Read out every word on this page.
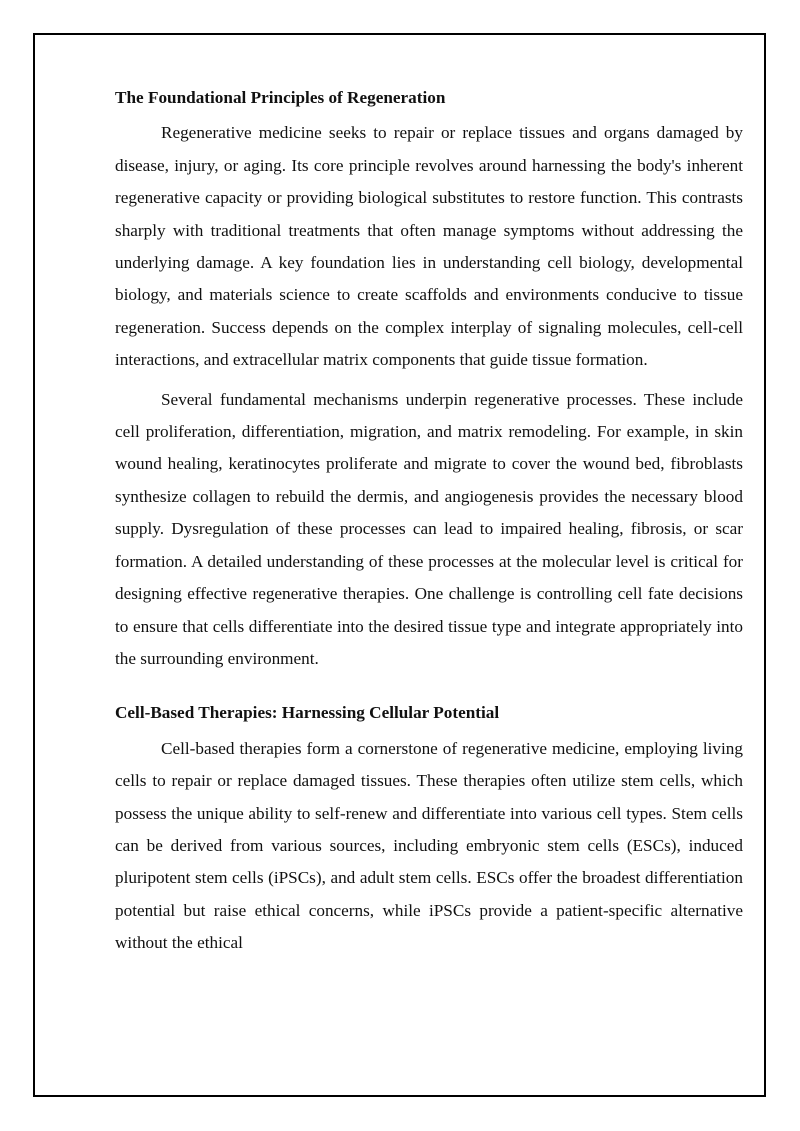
The Foundational Principles of Regeneration

Regenerative medicine seeks to repair or replace tissues and organs damaged by disease, injury, or aging. Its core principle revolves around harnessing the body's inherent regenerative capacity or providing biological substitutes to restore function. This contrasts sharply with traditional treatments that often manage symptoms without addressing the underlying damage. A key foundation lies in understanding cell biology, developmental biology, and materials science to create scaffolds and environments conducive to tissue regeneration. Success depends on the complex interplay of signaling molecules, cell-cell interactions, and extracellular matrix components that guide tissue formation.

Several fundamental mechanisms underpin regenerative processes. These include cell proliferation, differentiation, migration, and matrix remodeling. For example, in skin wound healing, keratinocytes proliferate and migrate to cover the wound bed, fibroblasts synthesize collagen to rebuild the dermis, and angiogenesis provides the necessary blood supply. Dysregulation of these processes can lead to impaired healing, fibrosis, or scar formation. A detailed understanding of these processes at the molecular level is critical for designing effective regenerative therapies. One challenge is controlling cell fate decisions to ensure that cells differentiate into the desired tissue type and integrate appropriately into the surrounding environment.

Cell-Based Therapies: Harnessing Cellular Potential

Cell-based therapies form a cornerstone of regenerative medicine, employing living cells to repair or replace damaged tissues. These therapies often utilize stem cells, which possess the unique ability to self-renew and differentiate into various cell types. Stem cells can be derived from various sources, including embryonic stem cells (ESCs), induced pluripotent stem cells (iPSCs), and adult stem cells. ESCs offer the broadest differentiation potential but raise ethical concerns, while iPSCs provide a patient-specific alternative without the ethical
